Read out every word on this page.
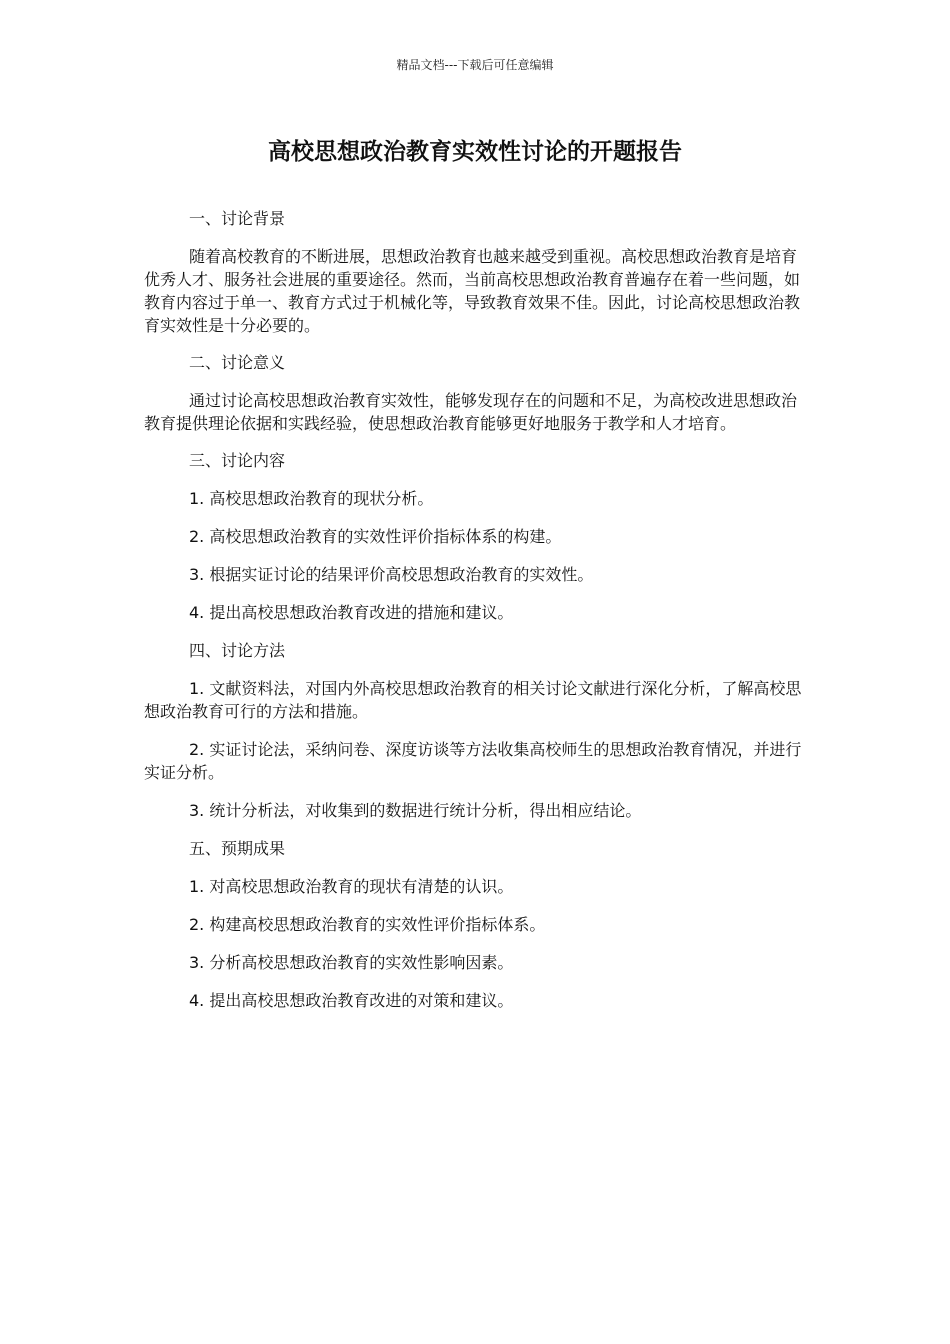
精品文档---下载后可任意编辑
高校思想政治教育实效性讨论的开题报告

一、讨论背景

随着高校教育的不断进展，思想政治教育也越来越受到重视。高校思想政治教育是培育优秀人才、服务社会进展的重要途径。然而，当前高校思想政治教育普遍存在着一些问题，如教育内容过于单一、教育方式过于机械化等，导致教育效果不佳。因此，讨论高校思想政治教育实效性是十分必要的。

二、讨论意义

通过讨论高校思想政治教育实效性，能够发现存在的问题和不足，为高校改进思想政治教育提供理论依据和实践经验，使思想政治教育能够更好地服务于教学和人才培育。

三、讨论内容

1. 高校思想政治教育的现状分析。

2. 高校思想政治教育的实效性评价指标体系的构建。

3. 根据实证讨论的结果评价高校思想政治教育的实效性。

4. 提出高校思想政治教育改进的措施和建议。

四、讨论方法

1. 文献资料法，对国内外高校思想政治教育的相关讨论文献进行深化分析，了解高校思想政治教育可行的方法和措施。

2. 实证讨论法，采纳问卷、深度访谈等方法收集高校师生的思想政治教育情况，并进行实证分析。

3. 统计分析法，对收集到的数据进行统计分析，得出相应结论。

五、预期成果

1. 对高校思想政治教育的现状有清楚的认识。

2. 构建高校思想政治教育的实效性评价指标体系。

3. 分析高校思想政治教育的实效性影响因素。

4. 提出高校思想政治教育改进的对策和建议。
